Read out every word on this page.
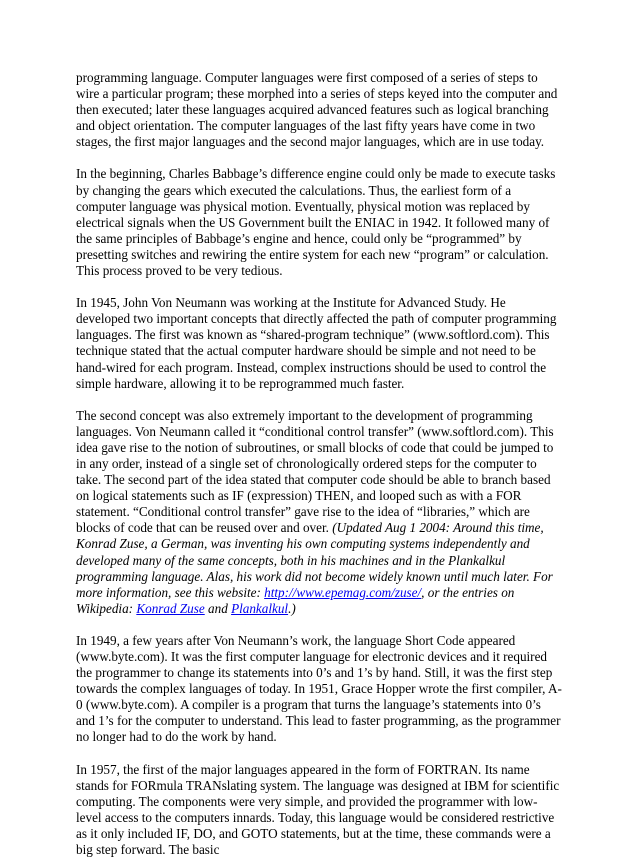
programming language. Computer languages were first composed of a series of steps to wire a particular program; these morphed into a series of steps keyed into the computer and then executed; later these languages acquired advanced features such as logical branching and object orientation. The computer languages of the last fifty years have come in two stages, the first major languages and the second major languages, which are in use today.

In the beginning, Charles Babbage’s difference engine could only be made to execute tasks by changing the gears which executed the calculations. Thus, the earliest form of a computer language was physical motion. Eventually, physical motion was replaced by electrical signals when the US Government built the ENIAC in 1942. It followed many of the same principles of Babbage’s engine and hence, could only be “programmed” by presetting switches and rewiring the entire system for each new “program” or calculation. This process proved to be very tedious.

In 1945, John Von Neumann was working at the Institute for Advanced Study. He developed two important concepts that directly affected the path of computer programming languages. The first was known as “shared-program technique” (www.softlord.com). This technique stated that the actual computer hardware should be simple and not need to be hand-wired for each program. Instead, complex instructions should be used to control the simple hardware, allowing it to be reprogrammed much faster.

The second concept was also extremely important to the development of programming languages. Von Neumann called it “conditional control transfer” (www.softlord.com). This idea gave rise to the notion of subroutines, or small blocks of code that could be jumped to in any order, instead of a single set of chronologically ordered steps for the computer to take. The second part of the idea stated that computer code should be able to branch based on logical statements such as IF (expression) THEN, and looped such as with a FOR statement. “Conditional control transfer” gave rise to the idea of “libraries,” which are blocks of code that can be reused over and over. (Updated Aug 1 2004: Around this time, Konrad Zuse, a German, was inventing his own computing systems independently and developed many of the same concepts, both in his machines and in the Plankalkul programming language. Alas, his work did not become widely known until much later. For more information, see this website: http://www.epemag.com/zuse/, or the entries on Wikipedia: Konrad Zuse and Plankalkul.)

In 1949, a few years after Von Neumann’s work, the language Short Code appeared (www.byte.com). It was the first computer language for electronic devices and it required the programmer to change its statements into 0’s and 1’s by hand. Still, it was the first step towards the complex languages of today. In 1951, Grace Hopper wrote the first compiler, A-0 (www.byte.com). A compiler is a program that turns the language’s statements into 0’s and 1’s for the computer to understand. This lead to faster programming, as the programmer no longer had to do the work by hand.

In 1957, the first of the major languages appeared in the form of FORTRAN. Its name stands for FORmula TRANslating system. The language was designed at IBM for scientific computing. The components were very simple, and provided the programmer with low-level access to the computers innards. Today, this language would be considered restrictive as it only included IF, DO, and GOTO statements, but at the time, these commands were a big step forward. The basic
